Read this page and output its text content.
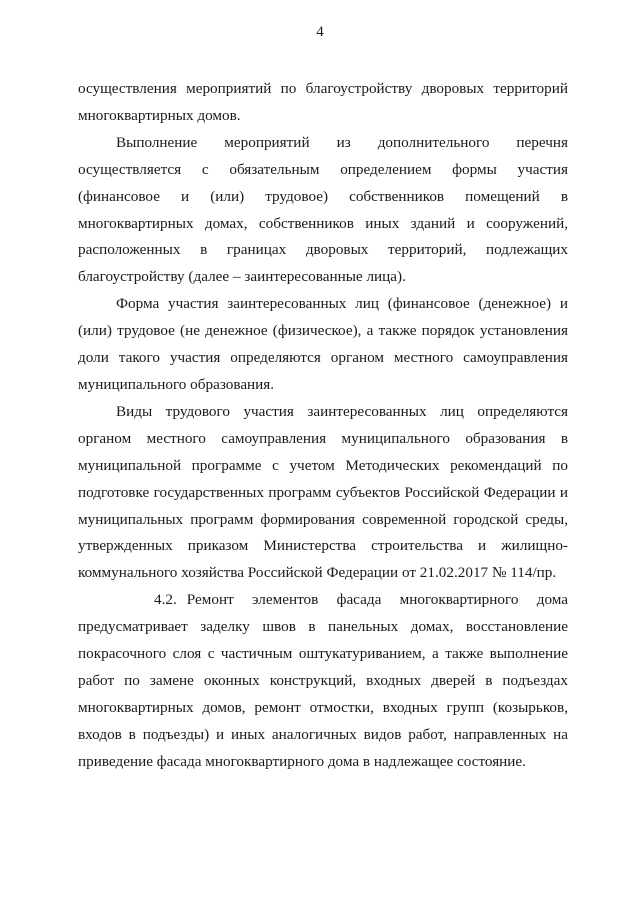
4

осуществления мероприятий по благоустройству дворовых территорий многоквартирных домов.

Выполнение мероприятий из дополнительного перечня осуществляется с обязательным определением формы участия (финансовое и (или) трудовое) собственников помещений в многоквартирных домах, собственников иных зданий и сооружений, расположенных в границах дворовых территорий, подлежащих благоустройству (далее – заинтересованные лица).

Форма участия заинтересованных лиц (финансовое (денежное) и (или) трудовое (не денежное (физическое), а также порядок установления доли такого участия определяются органом местного самоуправления муниципального образования.

Виды трудового участия заинтересованных лиц определяются органом местного самоуправления муниципального образования в муниципальной программе с учетом Методических рекомендаций по подготовке государственных программ субъектов Российской Федерации и муниципальных программ формирования современной городской среды, утвержденных приказом Министерства строительства и жилищно-коммунального хозяйства Российской Федерации от 21.02.2017 № 114/пр.

4.2. Ремонт элементов фасада многоквартирного дома предусматривает заделку швов в панельных домах, восстановление покрасочного слоя с частичным оштукатуриванием, а также выполнение работ по замене оконных конструкций, входных дверей в подъездах многоквартирных домов, ремонт отмостки, входных групп (козырьков, входов в подъезды) и иных аналогичных видов работ, направленных на приведение фасада многоквартирного дома в надлежащее состояние.
